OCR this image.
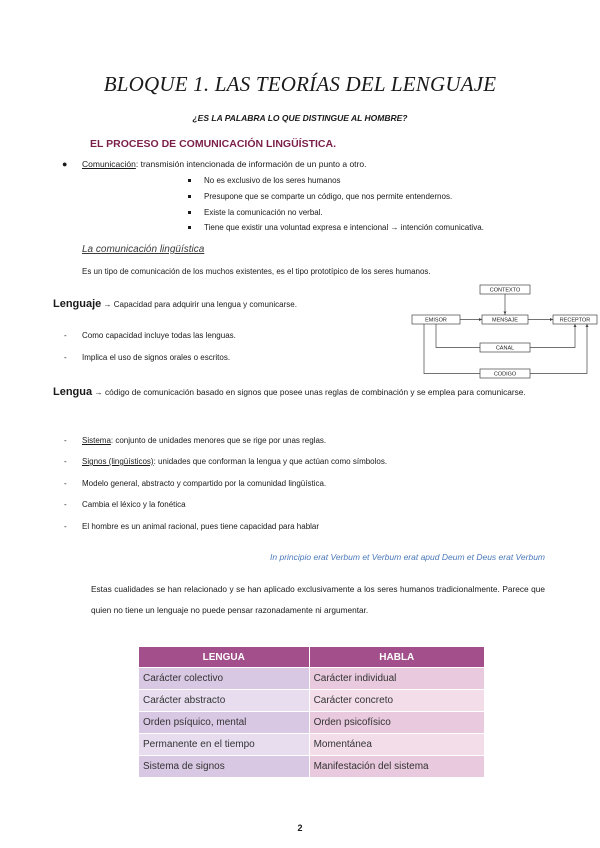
BLOQUE 1. LAS TEORÍAS DEL LENGUAJE
¿ES LA PALABRA LO QUE DISTINGUE AL HOMBRE?
EL PROCESO DE COMUNICACIÓN LINGÜÍSTICA.
● Comunicación: transmisión intencionada de información de un punto a otro.
No es exclusivo de los seres humanos
Presupone que se comparte un código, que nos permite entendernos.
Existe la comunicación no verbal.
Tiene que existir una voluntad expresa e intencional → intención comunicativa.
La comunicación lingüística
Es un tipo de comunicación de los muchos existentes, es el tipo prototípico de los seres humanos.
CONTEXTO
EMISOR	MENSAJE	RECEPTOR
CANAL
CODIGO
Lenguaje → Capacidad para adquirir una lengua y comunicarse.
- Como capacidad incluye todas las lenguas.
- Implica el uso de signos orales o escritos.
Lengua → código de comunicación basado en signos que posee unas reglas de combinación y se emplea para comunicarse.
- Sistema: conjunto de unidades menores que se rige por unas reglas.
- Signos (lingüísticos): unidades que conforman la lengua y que actúan como símbolos.
- Modelo general, abstracto y compartido por la comunidad lingüística.
- Cambia el léxico y la fonética
- El hombre es un animal racional, pues tiene capacidad para hablar
In principio erat Verbum et Verbum erat apud Deum et Deus erat Verbum
Estas cualidades se han relacionado y se han aplicado exclusivamente a los seres humanos tradicionalmente. Parece que quien no tiene un lenguaje no puede pensar razonadamente ni argumentar.
LENGUA	HABLA
Carácter colectivo	Carácter individual
Carácter abstracto	Carácter concreto
Orden psíquico, mental	Orden psicofísico
Permanente en el tiempo	Momentánea
Sistema de signos	Manifestación del sistema
2
